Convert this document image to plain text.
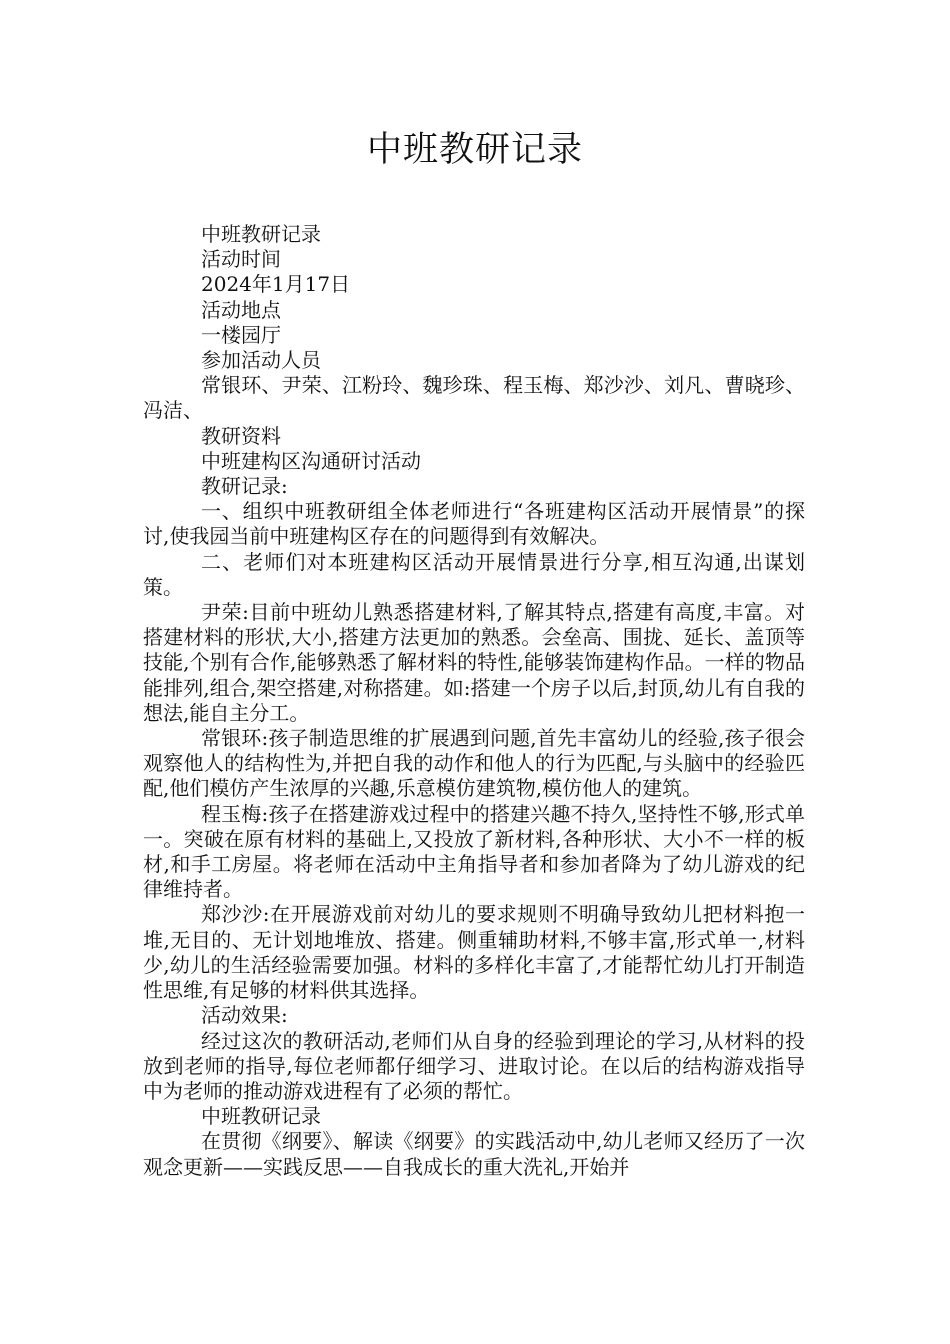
中班教研记录

中班教研记录

活动时间

2024年1月17日

活动地点

一楼园厅

参加活动人员

常银环、尹荣、江粉玲、魏珍珠、程玉梅、郑沙沙、刘凡、曹晓珍、冯洁、

教研资料

中班建构区沟通研讨活动

教研记录:

一、组织中班教研组全体老师进行“各班建构区活动开展情景”的探讨,使我园当前中班建构区存在的问题得到有效解决。

二、老师们对本班建构区活动开展情景进行分享,相互沟通,出谋划策。

尹荣:目前中班幼儿熟悉搭建材料,了解其特点,搭建有高度,丰富。对搭建材料的形状,大小,搭建方法更加的熟悉。会垒高、围拢、延长、盖顶等技能,个别有合作,能够熟悉了解材料的特性,能够装饰建构作品。一样的物品能排列,组合,架空搭建,对称搭建。如:搭建一个房子以后,封顶,幼儿有自我的想法,能自主分工。

常银环:孩子制造思维的扩展遇到问题,首先丰富幼儿的经验,孩子很会观察他人的结构性为,并把自我的动作和他人的行为匹配,与头脑中的经验匹配,他们模仿产生浓厚的兴趣,乐意模仿建筑物,模仿他人的建筑。

程玉梅:孩子在搭建游戏过程中的搭建兴趣不持久,坚持性不够,形式单一。突破在原有材料的基础上,又投放了新材料,各种形状、大小不一样的板材,和手工房屋。将老师在活动中主角指导者和参加者降为了幼儿游戏的纪律维持者。

郑沙沙:在开展游戏前对幼儿的要求规则不明确导致幼儿把材料抱一堆,无目的、无计划地堆放、搭建。侧重辅助材料,不够丰富,形式单一,材料少,幼儿的生活经验需要加强。材料的多样化丰富了,才能帮忙幼儿打开制造性思维,有足够的材料供其选择。

活动效果:

经过这次的教研活动,老师们从自身的经验到理论的学习,从材料的投放到老师的指导,每位老师都仔细学习、进取讨论。在以后的结构游戏指导中为老师的推动游戏进程有了必须的帮忙。

中班教研记录

在贯彻《纲要》、解读《纲要》的实践活动中,幼儿老师又经历了一次观念更新——实践反思——自我成长的重大洗礼,开始并
